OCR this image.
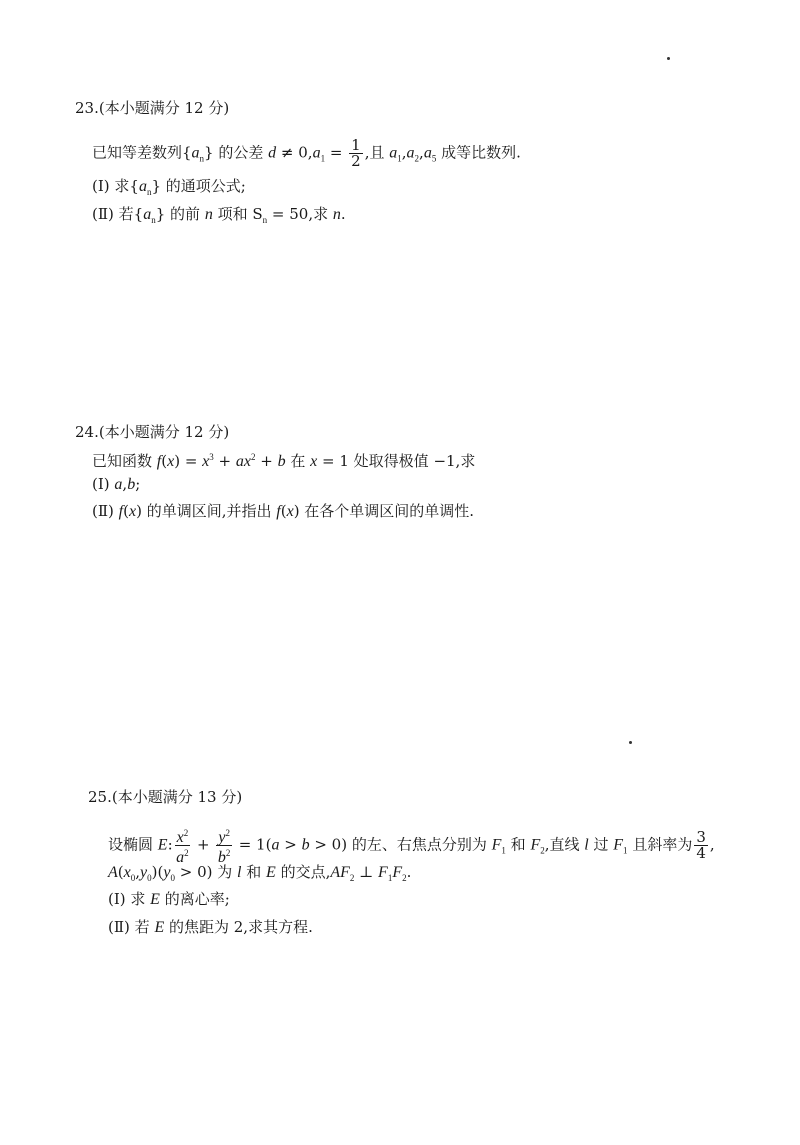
23.(本小题满分 12 分)
已知等差数列$\{a_n\}$ 的公差 $d \ne 0,a_1 = \frac{1}{2}$ ,且 $a_1,a_2,a_5$ 成等比数列.
(Ⅰ) 求$\{a_n\}$ 的通项公式;
(Ⅱ) 若$\{a_n\}$ 的前 n 项和 $S_n = 50$,求 n.
24.(本小题满分 12 分)
已知函数 $f(x) = x^3 + ax^2 + b$ 在 x = 1 处取得极值 −1,求
(Ⅰ) a,b;
(Ⅱ) f(x) 的单调区间,并指出 f(x) 在各个单调区间的单调性.
25.(本小题满分 13 分)
设椭圆 E: $\frac{x^2}{a^2} + \frac{y^2}{b^2} = 1(a > b > 0)$ 的左、右焦点分别为 $F_1$ 和 $F_2$,直线 l 过 $F_1$ 且斜率为 $\frac{3}{4}$ ,
$A(x_0,y_0)(y_0 > 0)$ 为 l 和 E 的交点$,AF_2$ ⊥ $F_1F_2$.
(Ⅰ) 求 E 的离心率;
(Ⅱ) 若 E 的焦距为 2,求其方程.
